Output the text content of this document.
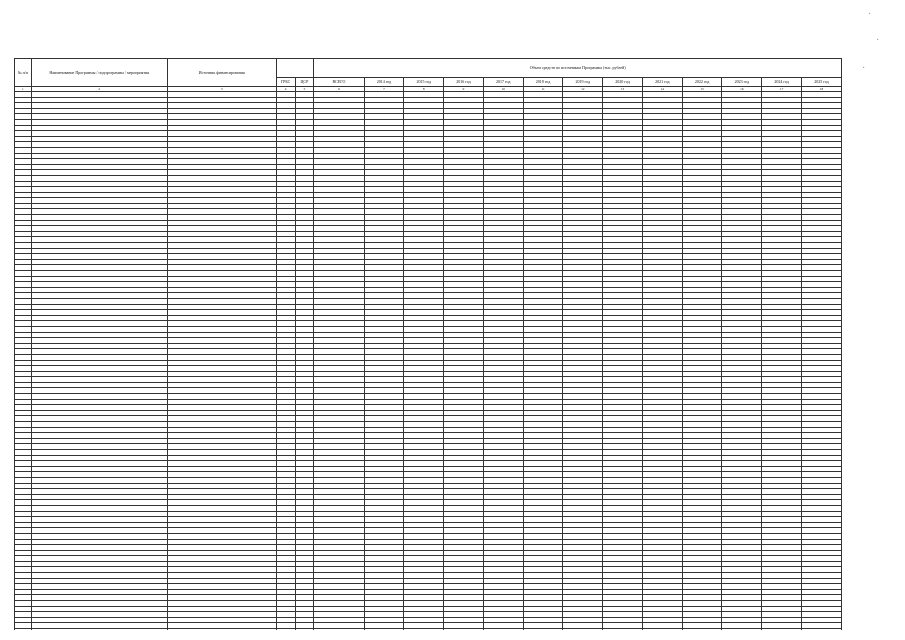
·
·
·
№ п/п	Наименование Программы / подпрограммы / мероприятия	Источник финансирования			Объем средств по источникам Программы (тыс. рублей)												
			ГРБС	ЦСР	ВСЕГО	2014 год	2015 год	2016 год	2017 год	2018 год	2019 год	2020 год	2021 год	2022 год	2023 год	2024 год	2025 год
1	2	3	4	5	6	7	8	9	10	11	12	13	14	15	16	17	18
